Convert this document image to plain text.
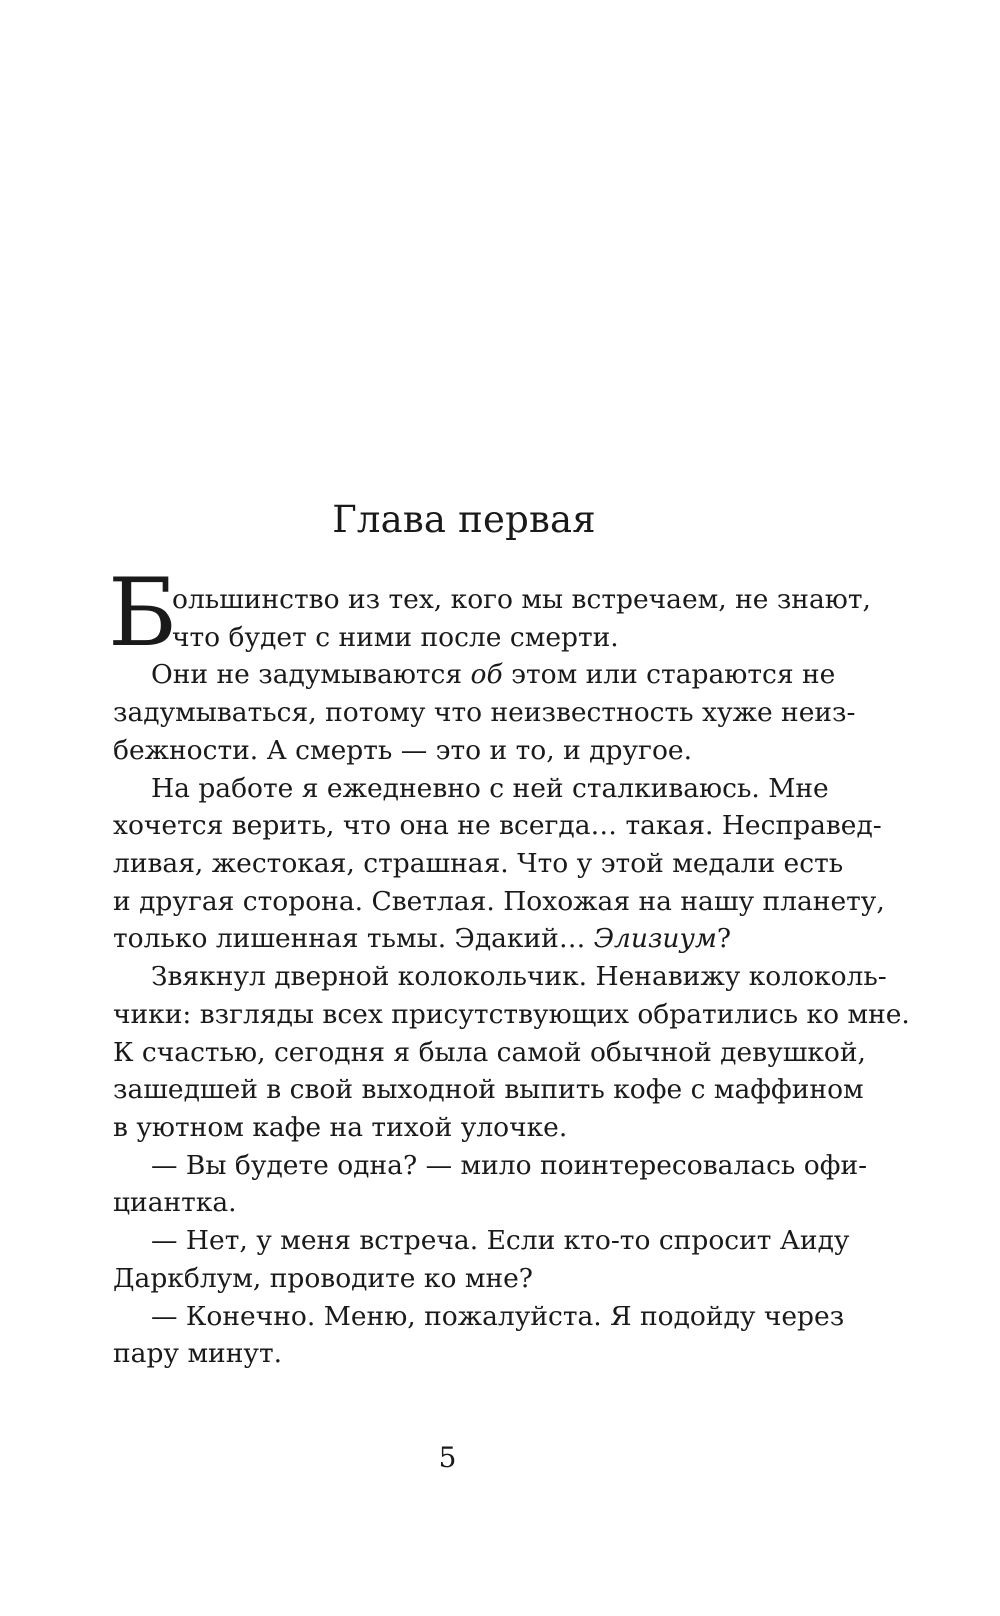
Глава первая
Б

ольшинство из тех, кого мы встречаем, не знают,

что будет с ними после смерти.

Они не задумываются об этом или стараются не

задумываться, потому что неизвестность хуже неиз-

бежности. А смерть — это и то, и другое.

На работе я ежедневно с ней сталкиваюсь. Мне

хочется верить, что она не всегда… такая. Несправед-

ливая, жестокая, страшная. Что у этой медали есть

и другая сторона. Светлая. Похожая на нашу планету,

только лишенная тьмы. Эдакий… Элизиум?

Звякнул дверной колокольчик. Ненавижу колоколь-

чики: взгляды всех присутствующих обратились ко мне.

К счастью, сегодня я была самой обычной девушкой,

зашедшей в свой выходной выпить кофе с маффином

в уютном кафе на тихой улочке.

— Вы будете одна? — мило поинтересовалась офи-

циантка.

— Нет, у меня встреча. Если кто-то спросит Аиду

Даркблум, проводите ко мне?

— Конечно. Меню, пожалуйста. Я подойду через

пару минут.

5
